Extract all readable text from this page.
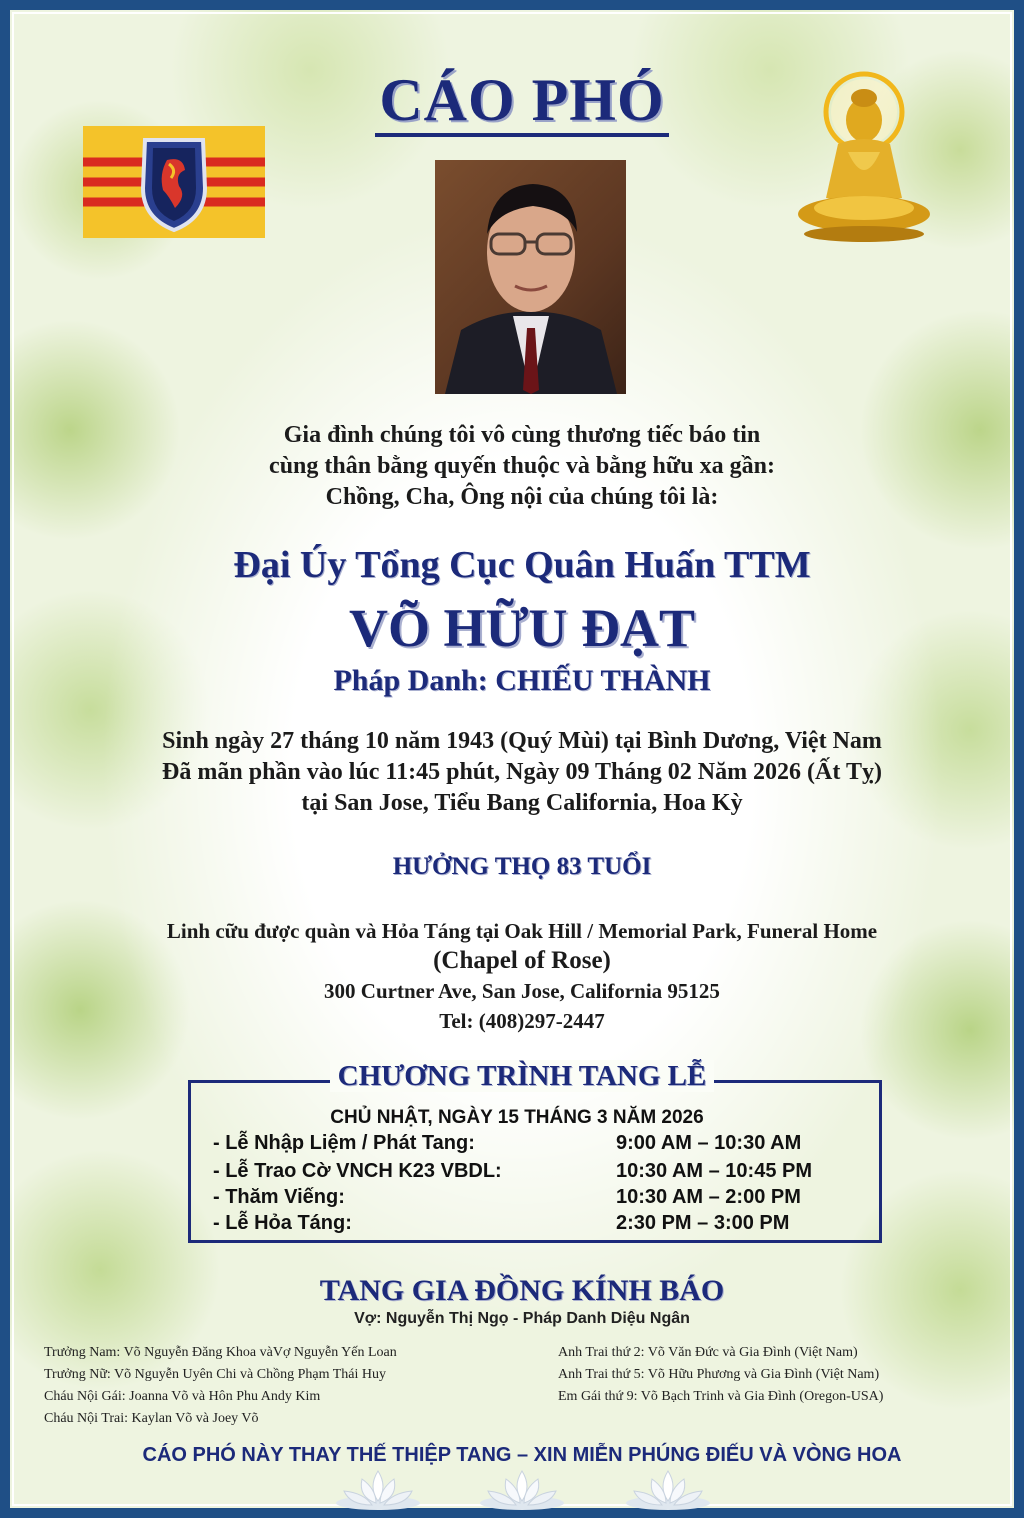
CÁO PHÓ
Gia đình chúng tôi vô cùng thương tiếc báo tin
cùng thân bằng quyến thuộc và bằng hữu xa gần:
Chồng, Cha, Ông nội của chúng tôi là:
Đại Úy Tổng Cục Quân Huấn TTM
VÕ HỮU ĐẠT
Pháp Danh: CHIẾU THÀNH
Sinh ngày 27 tháng 10 năm 1943 (Quý Mùi) tại Bình Dương, Việt Nam
Đã mãn phần vào lúc 11:45 phút, Ngày 09 Tháng 02 Năm 2026 (Ất Tỵ)
tại San Jose, Tiểu Bang California, Hoa Kỳ
HƯỞNG THỌ 83 TUỔI
Linh cữu được quàn và Hỏa Táng tại Oak Hill / Memorial Park, Funeral Home
(Chapel of Rose)
300 Curtner Ave, San Jose, California 95125
Tel: (408)297-2447
CHƯƠNG TRÌNH TANG LỄ
CHỦ NHẬT, NGÀY 15 THÁNG 3 NĂM 2026
- Lễ Nhập Liệm / Phát Tang:	9:00 AM – 10:30 AM
- Lễ Trao Cờ VNCH K23 VBDL:	10:30 AM – 10:45 PM
- Thăm Viếng:	10:30 AM – 2:00 PM
- Lễ Hỏa Táng:	2:30 PM – 3:00 PM
TANG GIA ĐỒNG KÍNH BÁO
Vợ: Nguyễn Thị Ngọ - Pháp Danh Diệu Ngân
Trưởng Nam: Võ Nguyễn Đăng Khoa vàVợ Nguyễn Yến Loan
Trưởng Nữ: Võ Nguyễn Uyên Chi và Chồng Phạm Thái Huy
Cháu Nội Gái: Joanna Võ và Hôn Phu Andy Kim
Cháu Nội Trai: Kaylan Võ và Joey Võ
Anh Trai thứ 2: Võ Văn Đức và Gia Đình (Việt Nam)
Anh Trai thứ 5: Võ Hữu Phương và Gia Đình (Việt Nam)
Em Gái thứ 9: Võ Bạch Trinh và Gia Đình (Oregon-USA)
CÁO PHÓ NÀY THAY THẾ THIỆP TANG – XIN MIỄN PHÚNG ĐIẾU VÀ VÒNG HOA
